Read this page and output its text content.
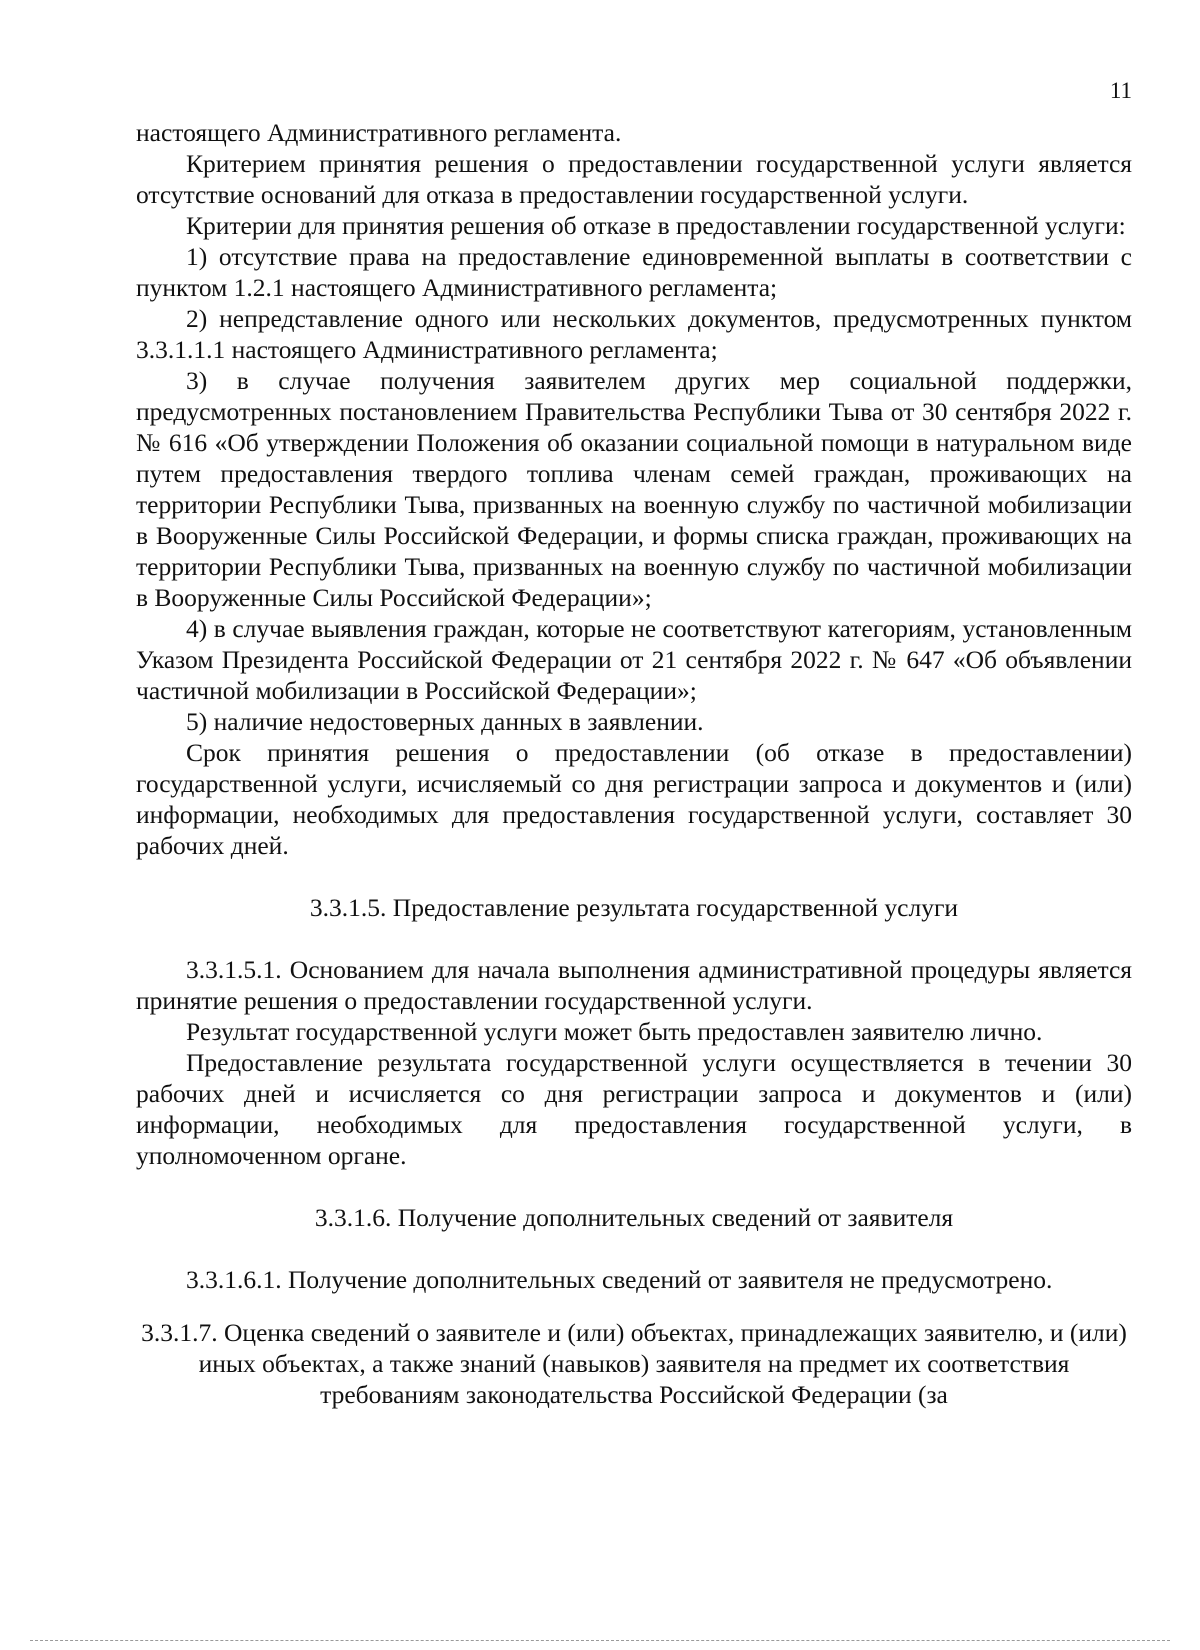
11

настоящего Административного регламента.

Критерием принятия решения о предоставлении государственной услуги является отсутствие оснований для отказа в предоставлении государственной услуги.

Критерии для принятия решения об отказе в предоставлении государственной услуги:

1) отсутствие права на предоставление единовременной выплаты в соответствии с пунктом 1.2.1 настоящего Административного регламента;

2) непредставление одного или нескольких документов, предусмотренных пунктом 3.3.1.1.1 настоящего Административного регламента;

3) в случае получения заявителем других мер социальной поддержки, предусмотренных постановлением Правительства Республики Тыва от 30 сентября 2022 г. № 616 «Об утверждении Положения об оказании социальной помощи в натуральном виде путем предоставления твердого топлива членам семей граждан, проживающих на территории Республики Тыва, призванных на военную службу по частичной мобилизации в Вооруженные Силы Российской Федерации, и формы списка граждан, проживающих на территории Республики Тыва, призванных на военную службу по частичной мобилизации в Вооруженные Силы Российской Федерации»;

4) в случае выявления граждан, которые не соответствуют категориям, установленным Указом Президента Российской Федерации от 21 сентября 2022 г. № 647 «Об объявлении частичной мобилизации в Российской Федерации»;

5) наличие недостоверных данных в заявлении.

Срок принятия решения о предоставлении (об отказе в предоставлении) государственной услуги, исчисляемый со дня регистрации запроса и документов и (или) информации, необходимых для предоставления государственной услуги, составляет 30 рабочих дней.

3.3.1.5. Предоставление результата государственной услуги

3.3.1.5.1. Основанием для начала выполнения административной процедуры является принятие решения о предоставлении государственной услуги.

Результат государственной услуги может быть предоставлен заявителю лично.

Предоставление результата государственной услуги осуществляется в течении 30 рабочих дней и исчисляется со дня регистрации запроса и документов и (или) информации, необходимых для предоставления государственной услуги, в уполномоченном органе.

3.3.1.6. Получение дополнительных сведений от заявителя

3.3.1.6.1. Получение дополнительных сведений от заявителя не предусмотрено.

3.3.1.7. Оценка сведений о заявителе и (или) объектах, принадлежащих заявителю, и (или) иных объектах, а также знаний (навыков) заявителя на предмет их соответствия требованиям законодательства Российской Федерации (за
